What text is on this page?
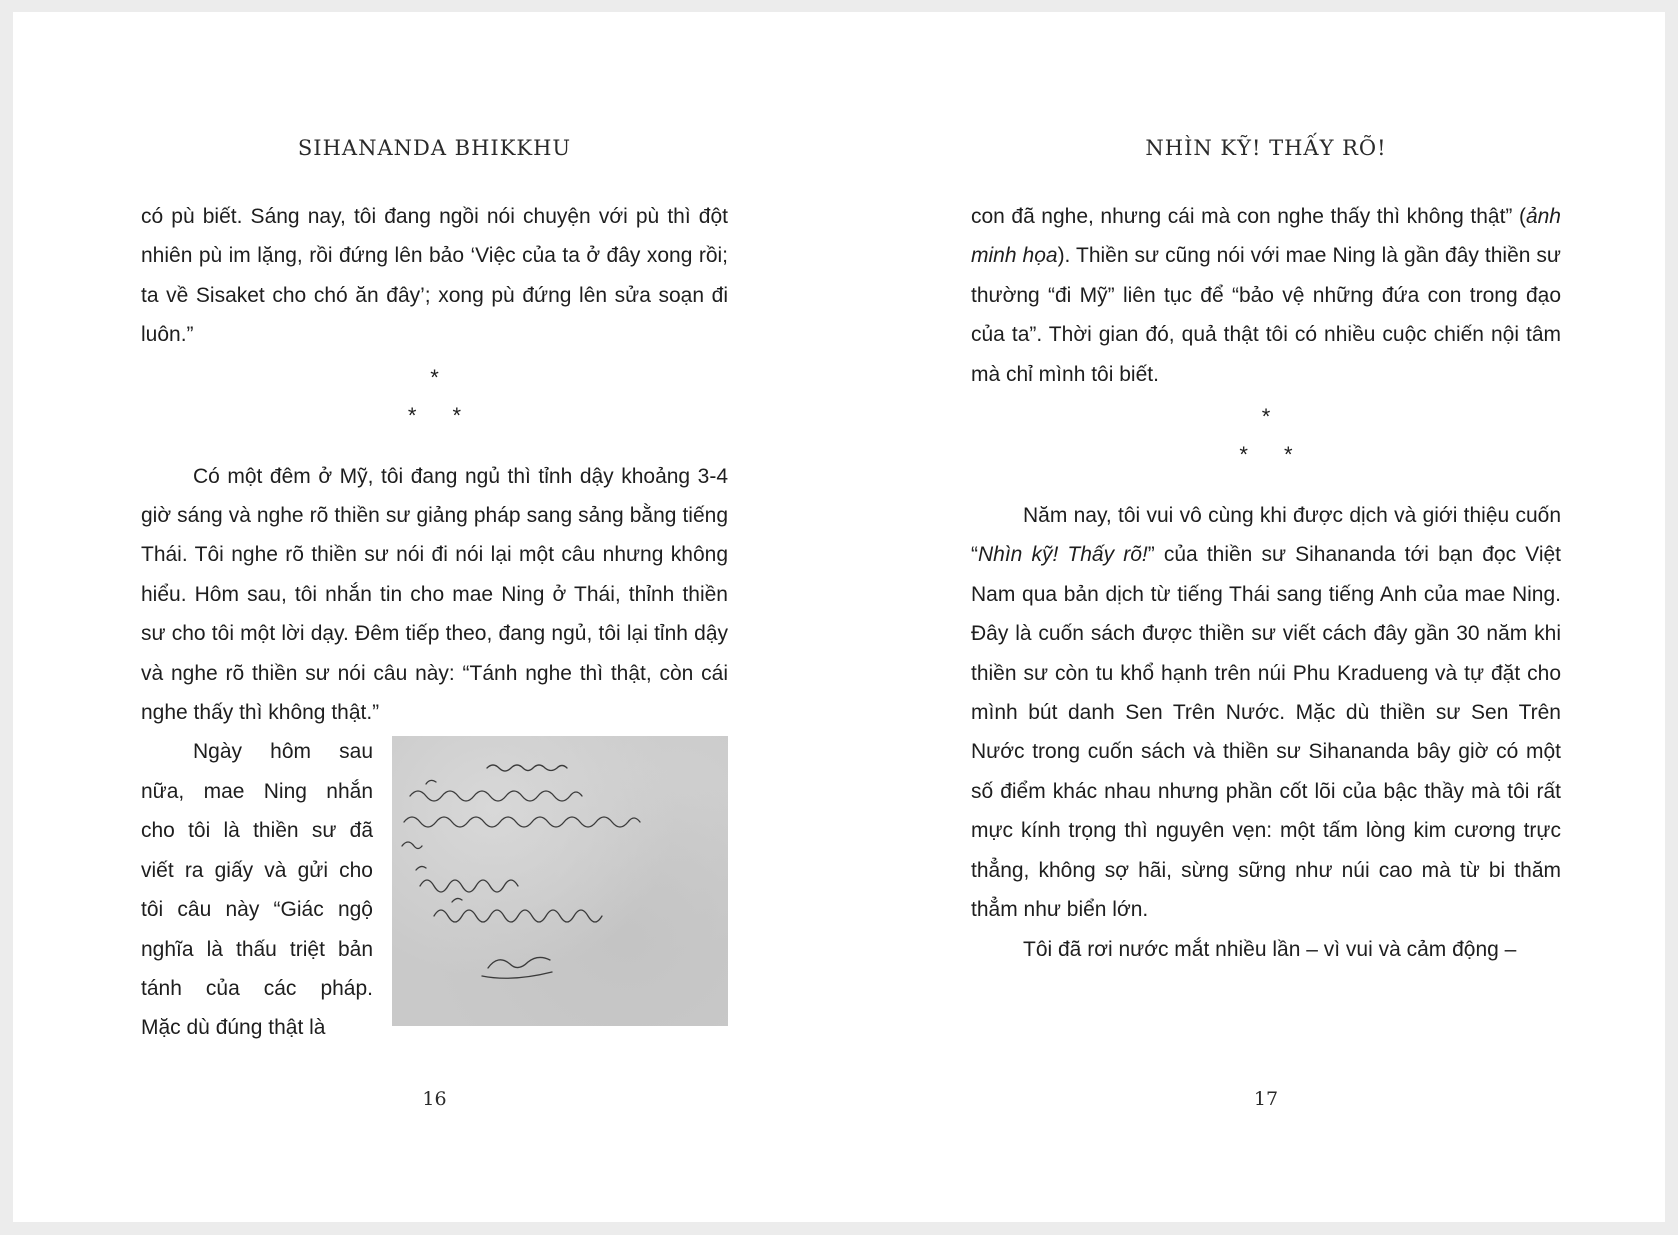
SIHANANDA BHIKKHU

có pù biết. Sáng nay, tôi đang ngồi nói chuyện với pù thì đột nhiên pù im lặng, rồi đứng lên bảo ‘Việc của ta ở đây xong rồi; ta về Sisaket cho chó ăn đây’; xong pù đứng lên sửa soạn đi luôn.”

*
* *

Có một đêm ở Mỹ, tôi đang ngủ thì tỉnh dậy khoảng 3-4 giờ sáng và nghe rõ thiền sư giảng pháp sang sảng bằng tiếng Thái. Tôi nghe rõ thiền sư nói đi nói lại một câu nhưng không hiểu. Hôm sau, tôi nhắn tin cho mae Ning ở Thái, thỉnh thiền sư cho tôi một lời dạy. Đêm tiếp theo, đang ngủ, tôi lại tỉnh dậy và nghe rõ thiền sư nói câu này: “Tánh nghe thì thật, còn cái nghe thấy thì không thật.”

Ngày hôm sau
nữa, mae Ning nhắn
cho tôi là thiền sư đã
viết ra giấy và gửi cho
tôi câu này “Giác ngộ
nghĩa là thấu triệt bản
tánh của các pháp.
Mặc dù đúng thật là
16
NHÌN KỸ! THẤY RÕ!

con đã nghe, nhưng cái mà con nghe thấy thì không thật” (ảnh minh họa). Thiền sư cũng nói với mae Ning là gần đây thiền sư thường “đi Mỹ” liên tục để “bảo vệ những đứa con trong đạo của ta”. Thời gian đó, quả thật tôi có nhiều cuộc chiến nội tâm mà chỉ mình tôi biết.

*
* *

Năm nay, tôi vui vô cùng khi được dịch và giới thiệu cuốn “Nhìn kỹ! Thấy rõ!” của thiền sư Sihananda tới bạn đọc Việt Nam qua bản dịch từ tiếng Thái sang tiếng Anh của mae Ning. Đây là cuốn sách được thiền sư viết cách đây gần 30 năm khi thiền sư còn tu khổ hạnh trên núi Phu Kradueng và tự đặt cho mình bút danh Sen Trên Nước. Mặc dù thiền sư Sen Trên Nước trong cuốn sách và thiền sư Sihananda bây giờ có một số điểm khác nhau nhưng phần cốt lõi của bậc thầy mà tôi rất mực kính trọng thì nguyên vẹn: một tấm lòng kim cương trực thẳng, không sợ hãi, sừng sững như núi cao mà từ bi thăm thẳm như biển lớn.

Tôi đã rơi nước mắt nhiều lần – vì vui và cảm động –

17
